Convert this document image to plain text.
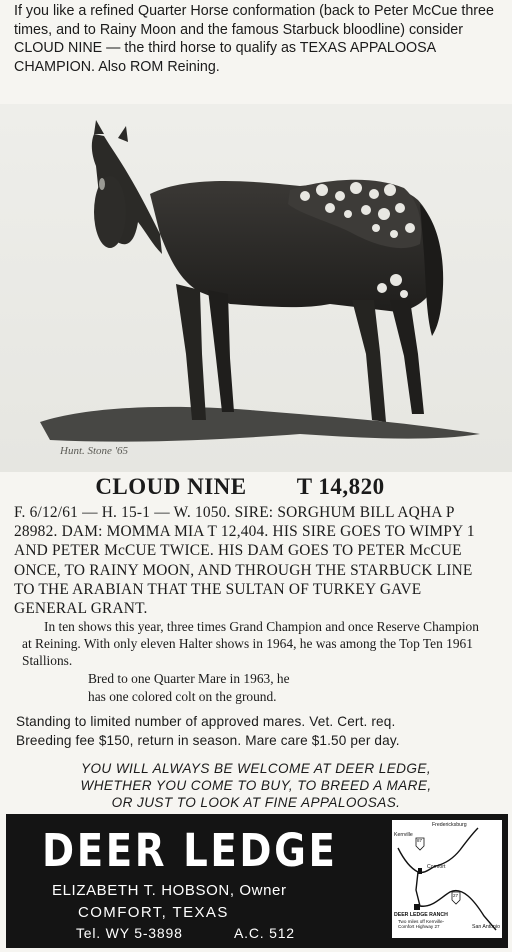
If you like a refined Quarter Horse conformation (back to Peter McCue three times, and to Rainy Moon and the famous Starbuck bloodline) consider CLOUD NINE — the third horse to qualify as TEXAS APPALOOSA CHAMPION. Also ROM Reining.
Hunt. Stone '65
CLOUD NINE T 14,820
F. 6/12/61 — H. 15-1 — W. 1050. SIRE: SORGHUM BILL AQHA P 28982. DAM: MOMMA MIA T 12,404. HIS SIRE GOES TO WIMPY 1 AND PETER McCUE TWICE. HIS DAM GOES TO PETER McCUE ONCE, TO RAINY MOON, AND THROUGH THE STARBUCK LINE TO THE ARABIAN THAT THE SULTAN OF TURKEY GAVE GENERAL GRANT.
In ten shows this year, three times Grand Champion and once Reserve Champion at Reining. With only eleven Halter shows in 1964, he was among the Top Ten 1961 Stallions.
Bred to one Quarter Mare in 1963, he
has one colored colt on the ground.
Standing to limited number of approved mares. Vet. Cert. req.
Breeding fee $150, return in season. Mare care $1.50 per day.
YOU WILL ALWAYS BE WELCOME AT DEER LEDGE,
WHETHER YOU COME TO BUY, TO BREED A MARE,
OR JUST TO LOOK AT FINE APPALOOSAS.
DEER LEDGE
ELIZABETH T. HOBSON, Owner
COMFORT, TEXAS
Tel. WY 5-3898	A.C. 512
Fredericksburg
Kerrville
Comfort
87
27
DEER LEDGE RANCH
Two miles off Kerrville-Comfort Highway 27	San Antonio
